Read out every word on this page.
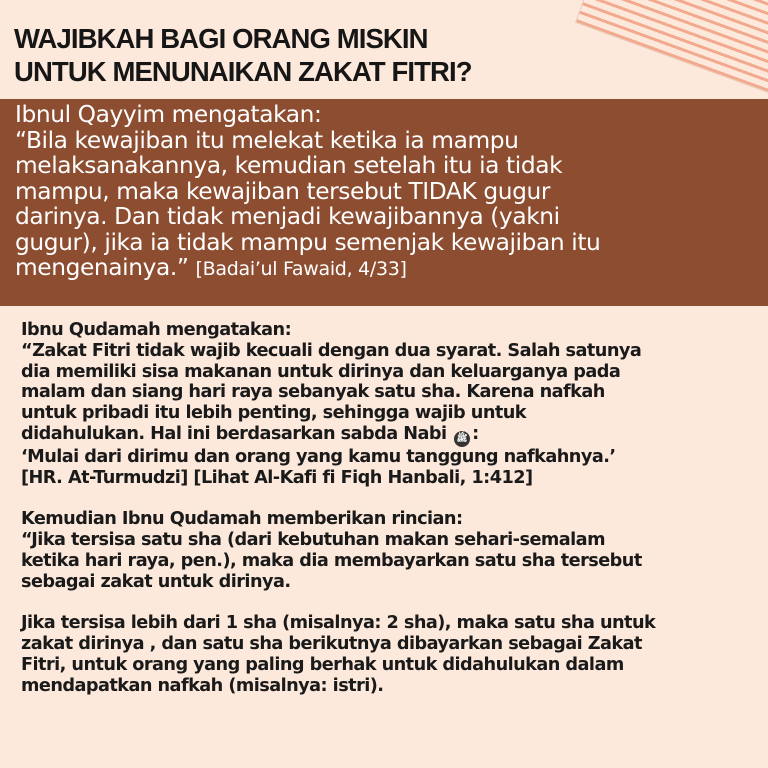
WAJIBKAH BAGI ORANG MISKIN
UNTUK MENUNAIKAN ZAKAT FITRI?

Ibnul Qayyim mengatakan:

“Bila kewajiban itu melekat ketika ia mampu

melaksanakannya, kemudian setelah itu ia tidak

mampu, maka kewajiban tersebut TIDAK gugur

darinya. Dan tidak menjadi kewajibannya (yakni

gugur), jika ia tidak mampu semenjak kewajiban itu

mengenainya.” [Badai’ul Fawaid, 4/33]

Ibnu Qudamah mengatakan:
“Zakat Fitri tidak wajib kecuali dengan dua syarat. Salah satunya
dia memiliki sisa makanan untuk dirinya dan keluarganya pada
malam dan siang hari raya sebanyak satu sha. Karena nafkah
untuk pribadi itu lebih penting, sehingga wajib untuk
didahulukan. Hal ini berdasarkan sabda Nabi ﷺ :
‘Mulai dari dirimu dan orang yang kamu tanggung nafkahnya.’
[HR. At-Turmudzi] [Lihat Al-Kafi fi Fiqh Hanbali, 1:412]
Kemudian Ibnu Qudamah memberikan rincian:
“Jika tersisa satu sha (dari kebutuhan makan sehari-semalam
ketika hari raya, pen.), maka dia membayarkan satu sha tersebut
sebagai zakat untuk dirinya.
Jika tersisa lebih dari 1 sha (misalnya: 2 sha), maka satu sha untuk
zakat dirinya , dan satu sha berikutnya dibayarkan sebagai Zakat
Fitri, untuk orang yang paling berhak untuk didahulukan dalam
mendapatkan nafkah (misalnya: istri).
